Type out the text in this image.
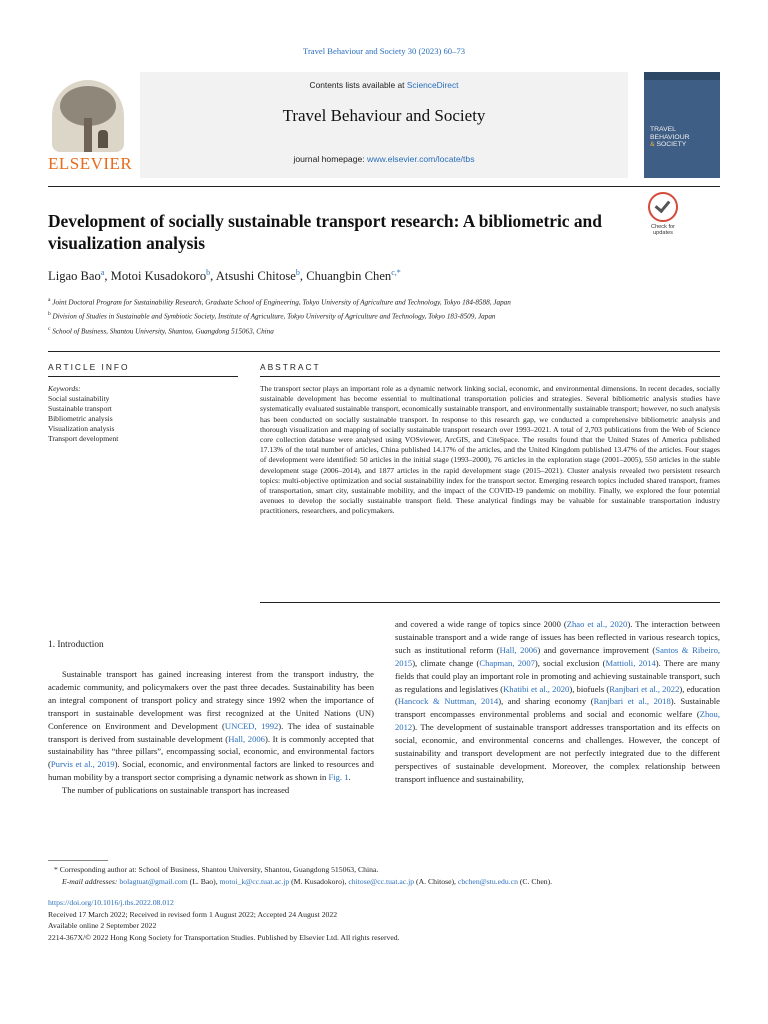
Travel Behaviour and Society 30 (2023) 60–73
ELSEVIER
Contents lists available at ScienceDirect
Travel Behaviour and Society
journal homepage: www.elsevier.com/locate/tbs
TRAVEL
BEHAVIOUR
& SOCIETY
Check for
updates
Development of socially sustainable transport research: A bibliometric and visualization analysis
Ligao Bao$^a$, Motoi Kusadokoro$^b$, Atsushi Chitose$^b$, Chuangbin Chen$^{c,*}$
$^a$ Joint Doctoral Program for Sustainability Research, Graduate School of Engineering, Tokyo University of Agriculture and Technology, Tokyo 184-8588, Japan
$^b$ Division of Studies in Sustainable and Symbiotic Society, Institute of Agriculture, Tokyo University of Agriculture and Technology, Tokyo 183-8509, Japan
$^c$ School of Business, Shantou University, Shantou, Guangdong 515063, China
ARTICLE INFO	ABSTRACT
Keywords:
Social sustainability
Sustainable transport
Bibliometric analysis
Visualization analysis
Transport development
The transport sector plays an important role as a dynamic network linking social, economic, and environmental dimensions. In recent decades, socially sustainable development has become essential to multinational transportation policies and strategies. Several bibliometric analysis studies have systematically evaluated sustainable transport, economically sustainable transport, and environmentally sustainable transport; however, no such analysis has been conducted on socially sustainable transport. In response to this research gap, we conducted a comprehensive bibliometric analysis and thorough visualization and mapping of socially sustainable transport research over 1993–2021. A total of 2,703 publications from the Web of Science core collection database were analysed using VOSviewer, ArcGIS, and CiteSpace. The results found that the United States of America published 17.13% of the total number of articles, China published 14.17% of the articles, and the United Kingdom published 13.47% of the articles. Four stages of development were identified: 50 articles in the initial stage (1993–2000), 76 articles in the exploration stage (2001–2005), 550 articles in the stable development stage (2006–2014), and 1877 articles in the rapid development stage (2015–2021). Cluster analysis revealed two persistent research topics: multi-objective optimization and social sustainability index for the transport sector. Emerging research topics included shared transport, frames of transportation, smart city, sustainable mobility, and the impact of the COVID-19 pandemic on mobility. Finally, we explored the four potential avenues to develop the socially sustainable transport field. These analytical findings may be valuable for sustainable transportation industry practitioners, researchers, and policymakers.
1. Introduction

Sustainable transport has gained increasing interest from the transport industry, the academic community, and policymakers over the past three decades. Sustainability has been an integral component of transport policy and strategy since 1992 when the importance of transport in sustainable development was first recognized at the United Nations (UN) Conference on Environment and Development (UNCED, 1992). The idea of sustainable transport is derived from sustainable development (Hall, 2006). It is commonly accepted that sustainability has “three pillars”, encompassing social, economic, and environmental factors (Purvis et al., 2019). Social, economic, and environmental factors are linked to resources and human mobility by a transport sector comprising a dynamic network as shown in Fig. 1.

The number of publications on sustainable transport has increased

and covered a wide range of topics since 2000 (Zhao et al., 2020). The interaction between sustainable transport and a wide range of issues has been reflected in various research topics, such as institutional reform (Hall, 2006) and governance improvement (Santos & Ribeiro, 2015), climate change (Chapman, 2007), social exclusion (Mattioli, 2014). There are many fields that could play an important role in promoting and achieving sustainable transport, such as regulations and legislatives (Khatibi et al., 2020), biofuels (Ranjbari et al., 2022), education (Hancock & Nuttman, 2014), and sharing economy (Ranjbari et al., 2018). Sustainable transport encompasses environmental problems and social and economic welfare (Zhou, 2012). The development of sustainable transport addresses transportation and its effects on social, economic, and environmental concerns and challenges. However, the concept of sustainability and transport development are not perfectly integrated due to the different perspectives of sustainable development. Moreover, the complex relationship between transport influence and sustainability,

* Corresponding author at: School of Business, Shantou University, Shantou, Guangdong 515063, China.
E-mail addresses: bolagtuat@gmail.com (L. Bao), motoi_k@cc.tuat.ac.jp (M. Kusadokoro), chitose@cc.tuat.ac.jp (A. Chitose), cbchen@stu.edu.cn (C. Chen).
https://doi.org/10.1016/j.tbs.2022.08.012
Received 17 March 2022; Received in revised form 1 August 2022; Accepted 24 August 2022
Available online 2 September 2022
2214-367X/© 2022 Hong Kong Society for Transportation Studies. Published by Elsevier Ltd. All rights reserved.
